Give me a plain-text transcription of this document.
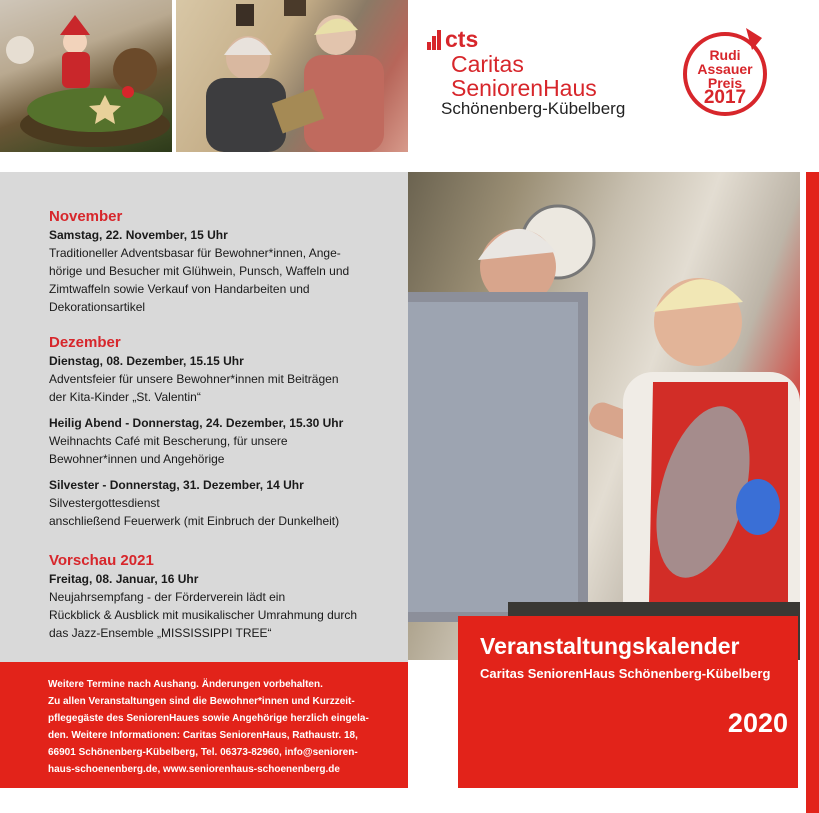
cts
Caritas
SeniorenHaus
Schönenberg-Kübelberg
Rudi
Assauer
Preis
2017
November
Samstag, 22. November, 15 Uhr
Traditioneller Adventsbasar für Bewohner*innen, Ange-
hörige und Besucher mit Glühwein, Punsch, Waffeln und
Zimtwaffeln sowie Verkauf von Handarbeiten und
Dekorationsartikel
Dezember
Dienstag, 08. Dezember, 15.15 Uhr
Adventsfeier für unsere Bewohner*innen mit Beiträgen
der Kita-Kinder „St. Valentin“
Heilig Abend - Donnerstag, 24. Dezember, 15.30 Uhr
Weihnachts Café mit Bescherung, für unsere
Bewohner*innen und Angehörige
Silvester - Donnerstag, 31. Dezember, 14 Uhr
Silvestergottesdienst
anschließend Feuerwerk (mit Einbruch der Dunkelheit)
Vorschau 2021
Freitag, 08. Januar, 16 Uhr
Neujahrsempfang - der Förderverein lädt ein
Rückblick & Ausblick mit musikalischer Umrahmung durch
das Jazz-Ensemble „MISSISSIPPI TREE“
Weitere Termine nach Aushang. Änderungen vorbehalten.
Zu allen Veranstaltungen sind die Bewohner*innen und Kurzzeit-
pflegegäste des SeniorenHaues sowie Angehörige herzlich eingela-
den. Weitere Informationen: Caritas SeniorenHaus, Rathaustr. 18,
66901 Schönenberg-Kübelberg, Tel. 06373-82960, info@senioren-
haus-schoenenberg.de, www.seniorenhaus-schoenenberg.de
Veranstaltungskalender
Caritas SeniorenHaus Schönenberg-Kübelberg
2020
